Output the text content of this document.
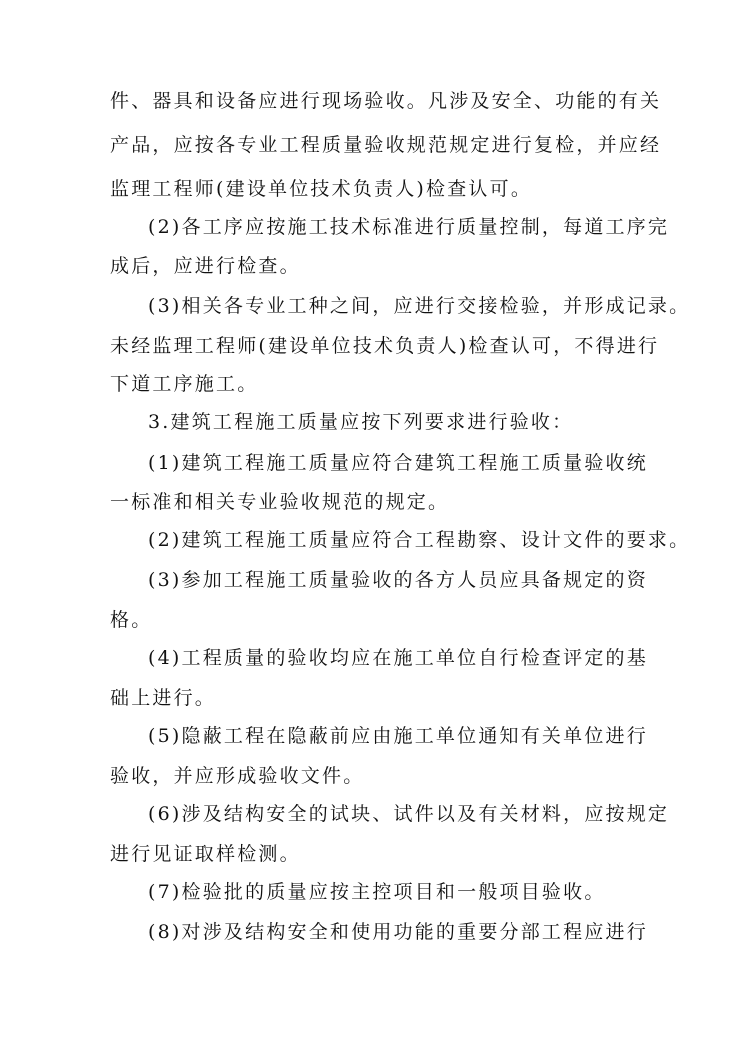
件、器具和设备应进行现场验收。凡涉及安全、功能的有关
产品，应按各专业工程质量验收规范规定进行复检，并应经
监理工程师(建设单位技术负责人)检查认可。
(2)各工序应按施工技术标准进行质量控制，每道工序完
成后，应进行检查。
(3)相关各专业工种之间，应进行交接检验，并形成记录。
未经监理工程师(建设单位技术负责人)检查认可，不得进行
下道工序施工。
3.建筑工程施工质量应按下列要求进行验收：
(1)建筑工程施工质量应符合建筑工程施工质量验收统
一标准和相关专业验收规范的规定。
(2)建筑工程施工质量应符合工程勘察、设计文件的要求。
(3)参加工程施工质量验收的各方人员应具备规定的资
格。
(4)工程质量的验收均应在施工单位自行检查评定的基
础上进行。
(5)隐蔽工程在隐蔽前应由施工单位通知有关单位进行
验收，并应形成验收文件。
(6)涉及结构安全的试块、试件以及有关材料，应按规定
进行见证取样检测。
(7)检验批的质量应按主控项目和一般项目验收。
(8)对涉及结构安全和使用功能的重要分部工程应进行
